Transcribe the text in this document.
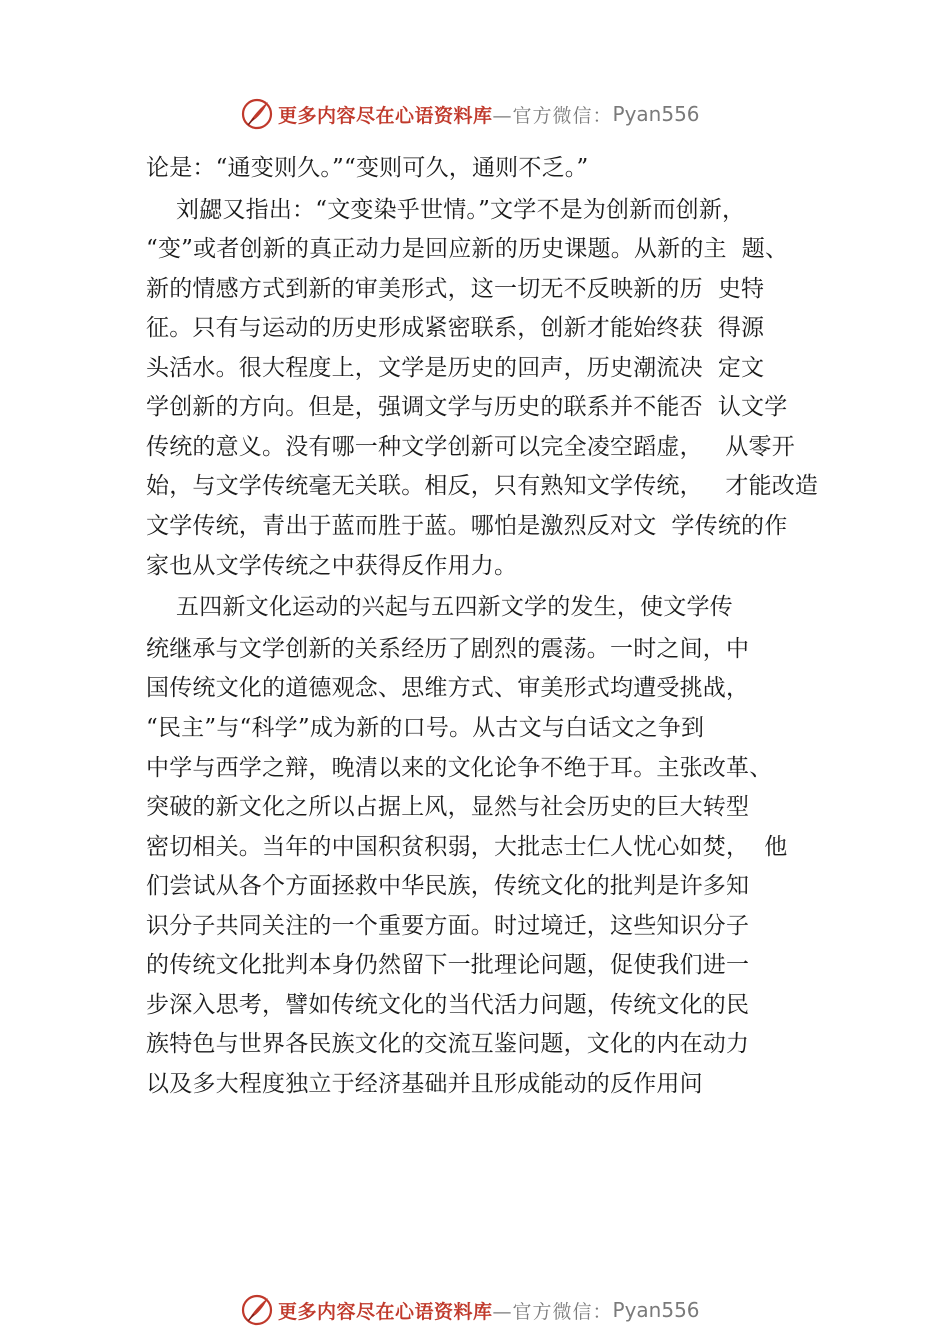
更多内容尽在心语资料库 —官方微信： Pyan556
论是：“通变则久。”“变则可久，通则不乏。”
刘勰又指出：“文变染乎世情。”文学不是为创新而创新，
“变”或者创新的真正动力是回应新的历史课题。从新的主  题、
新的情感方式到新的审美形式，这一切无不反映新的历  史特
征。只有与运动的历史形成紧密联系，创新才能始终获  得源
头活水。很大程度上，文学是历史的回声，历史潮流决  定文
学创新的方向。但是，强调文学与历史的联系并不能否  认文学
传统的意义。没有哪一种文学创新可以完全凌空蹈虚，   从零开
始，与文学传统毫无关联。相反，只有熟知文学传统，   才能改造
文学传统，青出于蓝而胜于蓝。哪怕是激烈反对文  学传统的作
家也从文学传统之中获得反作用力。
五四新文化运动的兴起与五四新文学的发生，使文学传
统继承与文学创新的关系经历了剧烈的震荡。一时之间，中
国传统文化的道德观念、思维方式、审美形式均遭受挑战，
“民主”与“科学”成为新的口号。从古文与白话文之争到
中学与西学之辩，晚清以来的文化论争不绝于耳。主张改革、
突破的新文化之所以占据上风，显然与社会历史的巨大转型
密切相关。当年的中国积贫积弱，大批志士仁人忧心如焚，  他
们尝试从各个方面拯救中华民族，传统文化的批判是许多知
识分子共同关注的一个重要方面。时过境迁，这些知识分子
的传统文化批判本身仍然留下一批理论问题，促使我们进一
步深入思考，譬如传统文化的当代活力问题，传统文化的民
族特色与世界各民族文化的交流互鉴问题，文化的内在动力
以及多大程度独立于经济基础并且形成能动的反作用问
更多内容尽在心语资料库 —官方微信： Pyan556
